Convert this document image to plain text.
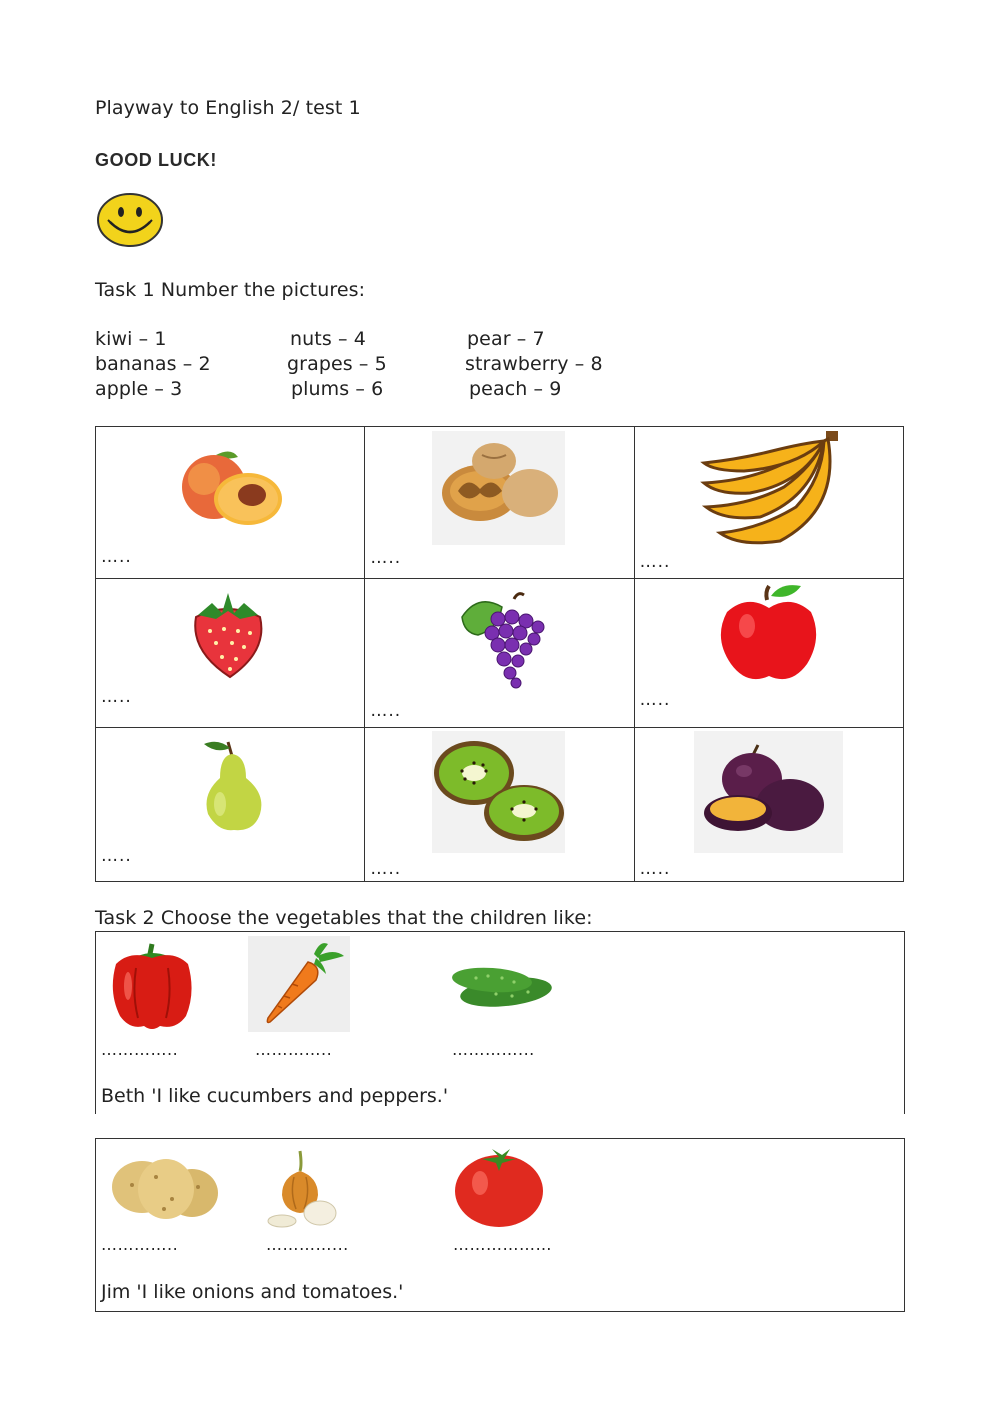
Playway to English 2/ test 1
GOOD LUCK!
Task 1 Number the pictures:
kiwi – 1	nuts – 4	pear – 7
bananas – 2	grapes – 5	strawberry – 8
apple – 3	plums – 6	peach – 9
…..	…..	…..

…..	…..	…..

…..	…..	…..
Task 2 Choose the vegetables that the children like:
…………..	…………..	…………...
Beth 'I like cucumbers and peppers.'
…………..	…………...	………………
Jim 'I like onions and tomatoes.'
